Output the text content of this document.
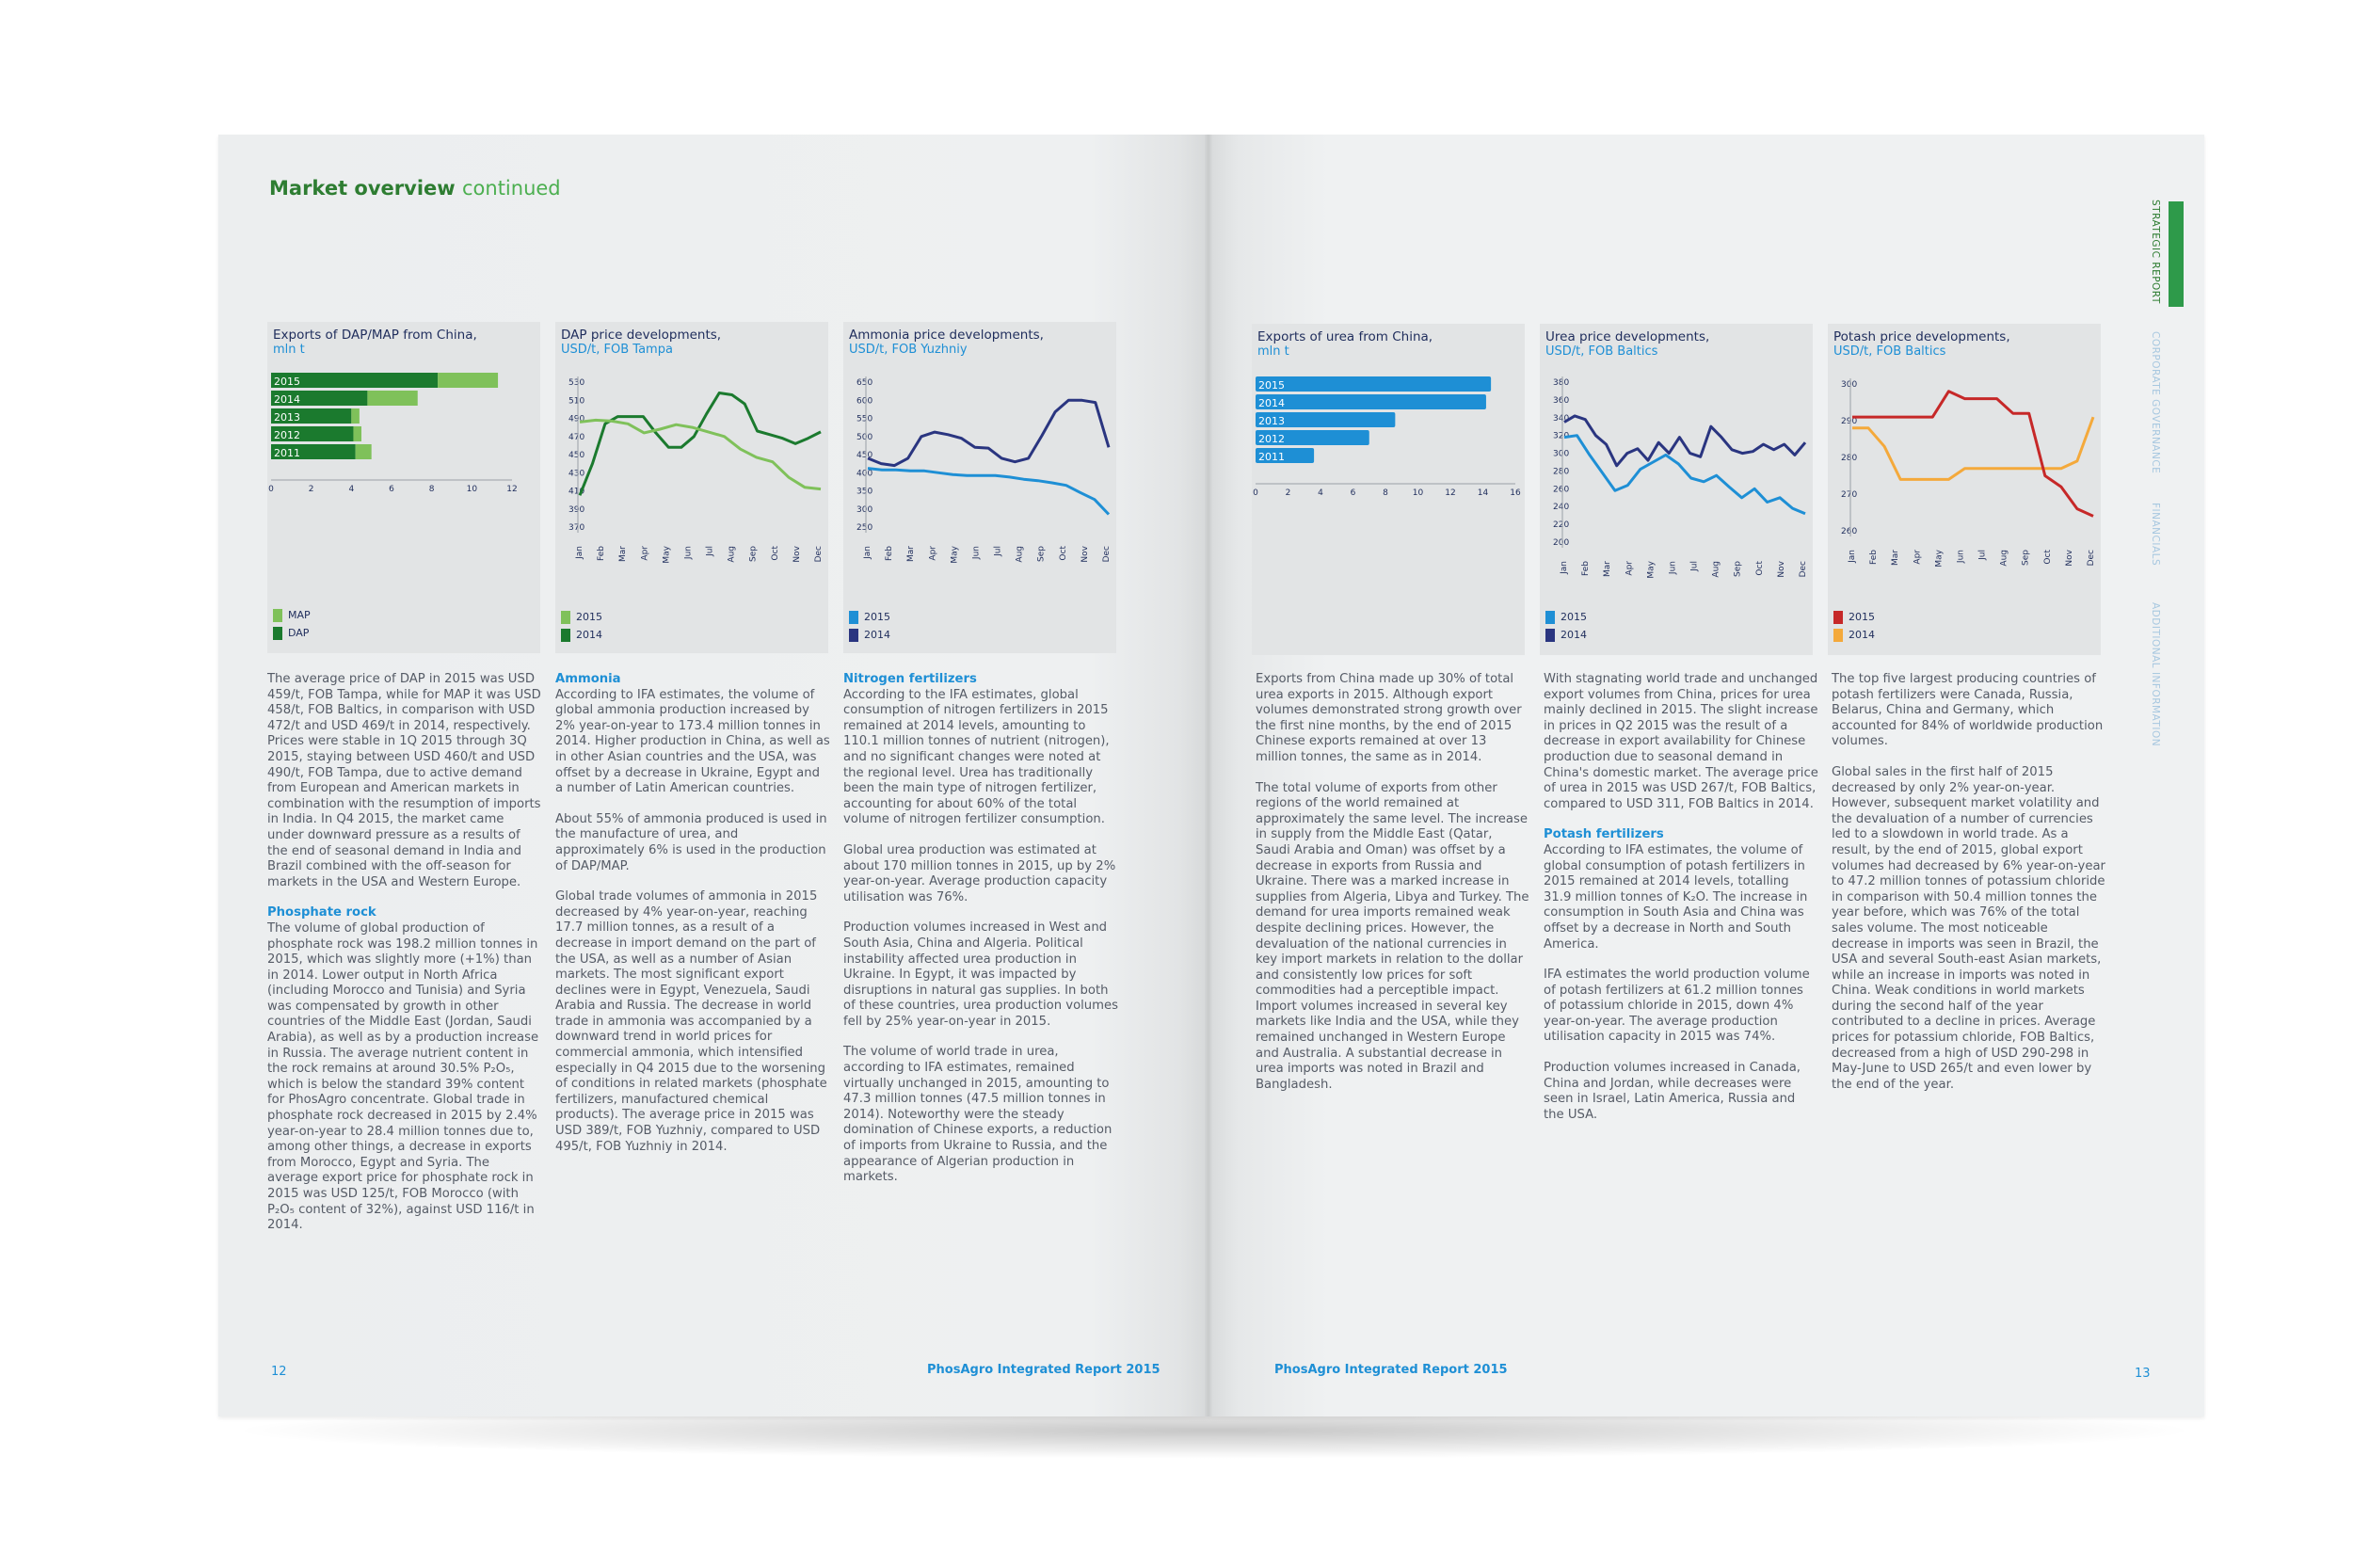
Market overview continued
Exports of DAP/MAP from China,
mln t
2015
2014
2013
2012
2011
0	2	4	6	8	10	12
MAP
DAP
DAP price developments,
USD/t, FOB Tampa
530
510
490
470
450
430
410
390
370
Jan Feb Mar Apr May Jun Jul Aug Sep Oct Nov Dec
2015
2014
Ammonia price developments,
USD/t, FOB Yuzhniy
650
600
550
500
450
400
350
300
250
Jan Feb Mar Apr May Jun Jul Aug Sep Oct Nov Dec
2015
2014
Exports of urea from China,
mln t
2015
2014
2013
2012
2011
0	2	4	6	8	10	12	14	16
Urea price developments,
USD/t, FOB Baltics
380
360
340
320
300
280
260
240
220
200
Jan Feb Mar Apr May Jun Jul Aug Sep Oct Nov Dec
2015
2014
Potash price developments,
USD/t, FOB Baltics
300
290
280
270
260
Jan Feb Mar Apr May Jun Jul Aug Sep Oct Nov Dec
2015
2014

The average price of DAP in 2015 was USD 459/t, FOB Tampa, while for MAP it was USD 458/t, FOB Baltics, in comparison with USD 472/t and USD 469/t in 2014, respectively. Prices were stable in 1Q 2015 through 3Q 2015, staying between USD 460/t and USD 490/t, FOB Tampa, due to active demand from European and American markets in combination with the resumption of imports in India. In Q4 2015, the market came under downward pressure as a results of the end of seasonal demand in India and Brazil combined with the off-season for markets in the USA and Western Europe.

Phosphate rock

The volume of global production of phosphate rock was 198.2 million tonnes in 2015, which was slightly more (+1%) than in 2014. Lower output in North Africa (including Morocco and Tunisia) and Syria was compensated by growth in other countries of the Middle East (Jordan, Saudi Arabia), as well as by a production increase in Russia. The average nutrient content in the rock remains at around 30.5% P₂O₅, which is below the standard 39% content for PhosAgro concentrate. Global trade in phosphate rock decreased in 2015 by 2.4% year-on-year to 28.4 million tonnes due to, among other things, a decrease in exports from Morocco, Egypt and Syria. The average export price for phosphate rock in 2015 was USD 125/t, FOB Morocco (with P₂O₅ content of 32%), against USD 116/t in 2014.

Ammonia

According to IFA estimates, the volume of global ammonia production increased by 2% year-on-year to 173.4 million tonnes in 2014. Higher production in China, as well as in other Asian countries and the USA, was offset by a decrease in Ukraine, Egypt and a number of Latin American countries.

About 55% of ammonia produced is used in the manufacture of urea, and approximately 6% is used in the production of DAP/MAP.

Global trade volumes of ammonia in 2015 decreased by 4% year-on-year, reaching 17.7 million tonnes, as a result of a decrease in import demand on the part of the USA, as well as a number of Asian markets. The most significant export declines were in Egypt, Venezuela, Saudi Arabia and Russia. The decrease in world trade in ammonia was accompanied by a downward trend in world prices for commercial ammonia, which intensified especially in Q4 2015 due to the worsening of conditions in related markets (phosphate fertilizers, manufactured chemical products). The average price in 2015 was USD 389/t, FOB Yuzhniy, compared to USD 495/t, FOB Yuzhniy in 2014.

Nitrogen fertilizers

According to the IFA estimates, global consumption of nitrogen fertilizers in 2015 remained at 2014 levels, amounting to 110.1 million tonnes of nutrient (nitrogen), and no significant changes were noted at the regional level. Urea has traditionally been the main type of nitrogen fertilizer, accounting for about 60% of the total volume of nitrogen fertilizer consumption.

Global urea production was estimated at about 170 million tonnes in 2015, up by 2% year-on-year. Average production capacity utilisation was 76%.

Production volumes increased in West and South Asia, China and Algeria. Political instability affected urea production in Ukraine. In Egypt, it was impacted by disruptions in natural gas supplies. In both of these countries, urea production volumes fell by 25% year-on-year in 2015.

The volume of world trade in urea, according to IFA estimates, remained virtually unchanged in 2015, amounting to 47.3 million tonnes (47.5 million tonnes in 2014). Noteworthy were the steady domination of Chinese exports, a reduction of imports from Ukraine to Russia, and the appearance of Algerian production in markets.

Exports from China made up 30% of total urea exports in 2015. Although export volumes demonstrated strong growth over the first nine months, by the end of 2015 Chinese exports remained at over 13 million tonnes, the same as in 2014.

The total volume of exports from other regions of the world remained at approximately the same level. The increase in supply from the Middle East (Qatar, Saudi Arabia and Oman) was offset by a decrease in exports from Russia and Ukraine. There was a marked increase in supplies from Algeria, Libya and Turkey. The demand for urea imports remained weak despite declining prices. However, the devaluation of the national currencies in key import markets in relation to the dollar and consistently low prices for soft commodities had a perceptible impact. Import volumes increased in several key markets like India and the USA, while they remained unchanged in Western Europe and Australia. A substantial decrease in urea imports was noted in Brazil and Bangladesh.

With stagnating world trade and unchanged export volumes from China, prices for urea mainly declined in 2015. The slight increase in prices in Q2 2015 was the result of a decrease in export availability for Chinese production due to seasonal demand in China's domestic market. The average price of urea in 2015 was USD 267/t, FOB Baltics, compared to USD 311, FOB Baltics in 2014.

Potash fertilizers

According to IFA estimates, the volume of global consumption of potash fertilizers in 2015 remained at 2014 levels, totalling 31.9 million tonnes of K₂O. The increase in consumption in South Asia and China was offset by a decrease in North and South America.

IFA estimates the world production volume of potash fertilizers at 61.2 million tonnes of potassium chloride in 2015, down 4% year-on-year. The average production utilisation capacity in 2015 was 74%.

Production volumes increased in Canada, China and Jordan, while decreases were seen in Israel, Latin America, Russia and the USA.

The top five largest producing countries of potash fertilizers were Canada, Russia, Belarus, China and Germany, which accounted for 84% of worldwide production volumes.

Global sales in the first half of 2015 decreased by only 2% year-on-year. However, subsequent market volatility and the devaluation of a number of currencies led to a slowdown in world trade. As a result, by the end of 2015, global export volumes had decreased by 6% year-on-year to 47.2 million tonnes of potassium chloride in comparison with 50.4 million tonnes the year before, which was 76% of the total sales volume. The most noticeable decrease in imports was seen in Brazil, the USA and several South-east Asian markets, while an increase in imports was noted in China. Weak conditions in world markets during the second half of the year contributed to a decline in prices. Average prices for potassium chloride, FOB Baltics, decreased from a high of USD 290-298 in May-June to USD 265/t and even lower by the end of the year.

12	PhosAgro Integrated Report 2015	PhosAgro Integrated Report 2015	13
STRATEGIC REPORT
CORPORATE GOVERNANCE
FINANCIALS
ADDITIONAL INFORMATION
